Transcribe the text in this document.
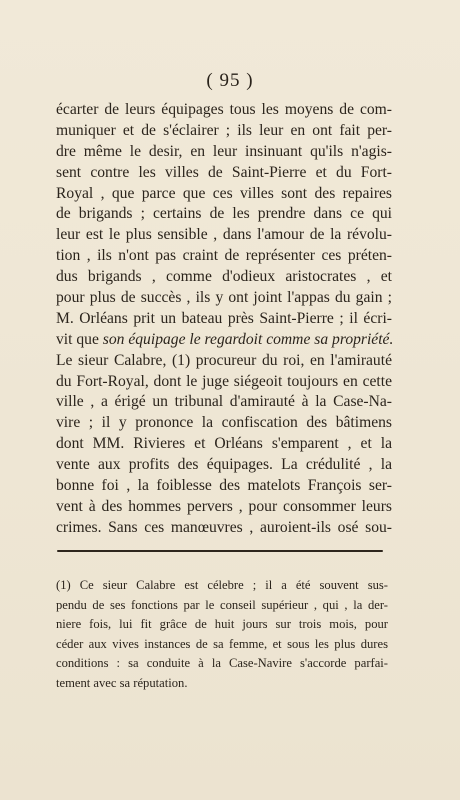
( 95 )
écarter de leurs équipages tous les moyens de com-
muniquer et de s'éclairer ; ils leur en ont fait per-
dre même le desir, en leur insinuant qu'ils n'agis-
sent contre les villes de Saint-Pierre et du Fort-
Royal , que parce que ces villes sont des repaires
de brigands ; certains de les prendre dans ce qui
leur est le plus sensible , dans l'amour de la révolu-
tion , ils n'ont pas craint de représenter ces préten-
dus brigands , comme d'odieux aristocrates , et
pour plus de succès , ils y ont joint l'appas du gain ;
M. Orléans prit un bateau près Saint-Pierre ; il écri-
vit que son équipage le regardoit comme sa propriété.
Le sieur Calabre, (1) procureur du roi, en l'amirauté
du Fort-Royal, dont le juge siégeoit toujours en cette
ville , a érigé un tribunal d'amirauté à la Case-Na-
vire ; il y prononce la confiscation des bâtimens
dont MM. Rivieres et Orléans s'emparent , et la
vente aux profits des équipages. La crédulité , la
bonne foi , la foiblesse des matelots François ser-
vent à des hommes pervers , pour consommer leurs
crimes. Sans ces manœuvres , auroient-ils osé sou-
(1) Ce sieur Calabre est célebre ; il a été souvent sus-
pendu de ses fonctions par le conseil supérieur , qui , la der-
niere fois, lui fit grâce de huit jours sur trois mois, pour
céder aux vives instances de sa femme, et sous les plus dures
conditions : sa conduite à la Case-Navire s'accorde parfai-
tement avec sa réputation.
